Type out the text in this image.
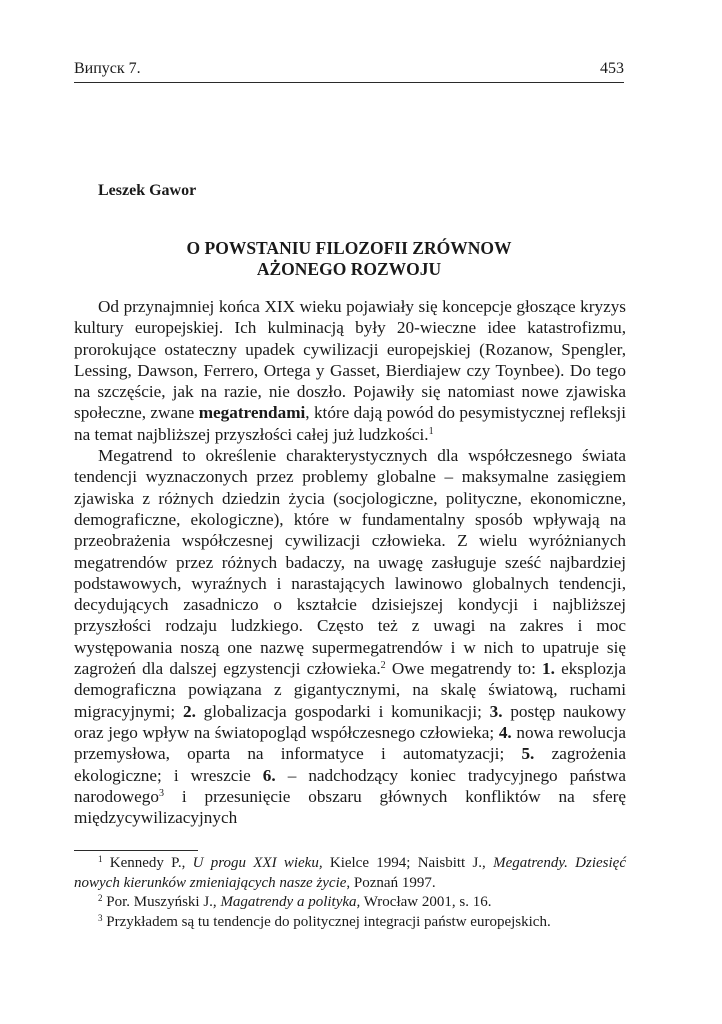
Випуск 7.	453

Leszek Gawor

O POWSTANIU FILOZOFII ZRÓWNOW
AŻONEGO ROZWOJU

Od przynajmniej końca XIX wieku pojawiały się koncepcje głoszące kryzys kultury europejskiej. Ich kulminacją były 20-wieczne idee katastrofizmu, prorokujące ostateczny upadek cywilizacji europejskiej (Rozanow, Spengler, Lessing, Dawson, Ferrero, Ortega y Gasset, Bierdiajew czy Toynbee). Do tego na szczęście, jak na razie, nie doszło. Pojawiły się natomiast nowe zjawiska społeczne, zwane megatrendami, które dają powód do pesymistycznej refleksji na temat najbliższej przyszłości całej już ludzkości.$^1$

Megatrend to określenie charakterystycznych dla współczesnego świata tendencji wyznaczonych przez problemy globalne – maksymalne zasięgiem zjawiska z różnych dziedzin życia (socjologiczne, polityczne, ekonomiczne, demograficzne, ekologiczne), które w fundamentalny sposób wpływają na przeobrażenia współczesnej cywilizacji człowieka. Z wielu wyróżnianych megatrendów przez różnych badaczy, na uwagę zasługuje sześć najbardziej podstawowych, wyraźnych i narastających lawinowo globalnych tendencji, decydujących zasadniczo o kształcie dzisiejszej kondycji i najbliższej przyszłości rodzaju ludzkiego. Często też z uwagi na zakres i moc występowania noszą one nazwę supermegatrendów i w nich to upatruje się zagrożeń dla dalszej egzystencji człowieka.$^2$ Owe megatrendy to: 1. eksplozja demograficzna powiązana z gigantycznymi, na skalę światową, ruchami migracyjnymi; 2. globalizacja gospodarki i komunikacji; 3. postęp naukowy oraz jego wpływ na światopogląd współczesnego człowieka; 4. nowa rewolucja przemysłowa, oparta na informatyce i automatyzacji; 5. zagrożenia ekologiczne; i wreszcie 6. – nadchodzący koniec tradycyjnego państwa narodowego$^3$ i przesunięcie obszaru głównych konfliktów na sferę międzycywilizacyjnych

$^1$ Kennedy P., U progu XXI wieku, Kielce 1994; Naisbitt J., Megatrendy. Dziesięć nowych kierunków zmieniających nasze życie, Poznań 1997.

$^2$ Por. Muszyński J., Magatrendy a polityka, Wrocław 2001, s. 16.

$^3$ Przykładem są tu tendencje do politycznej integracji państw europejskich.
